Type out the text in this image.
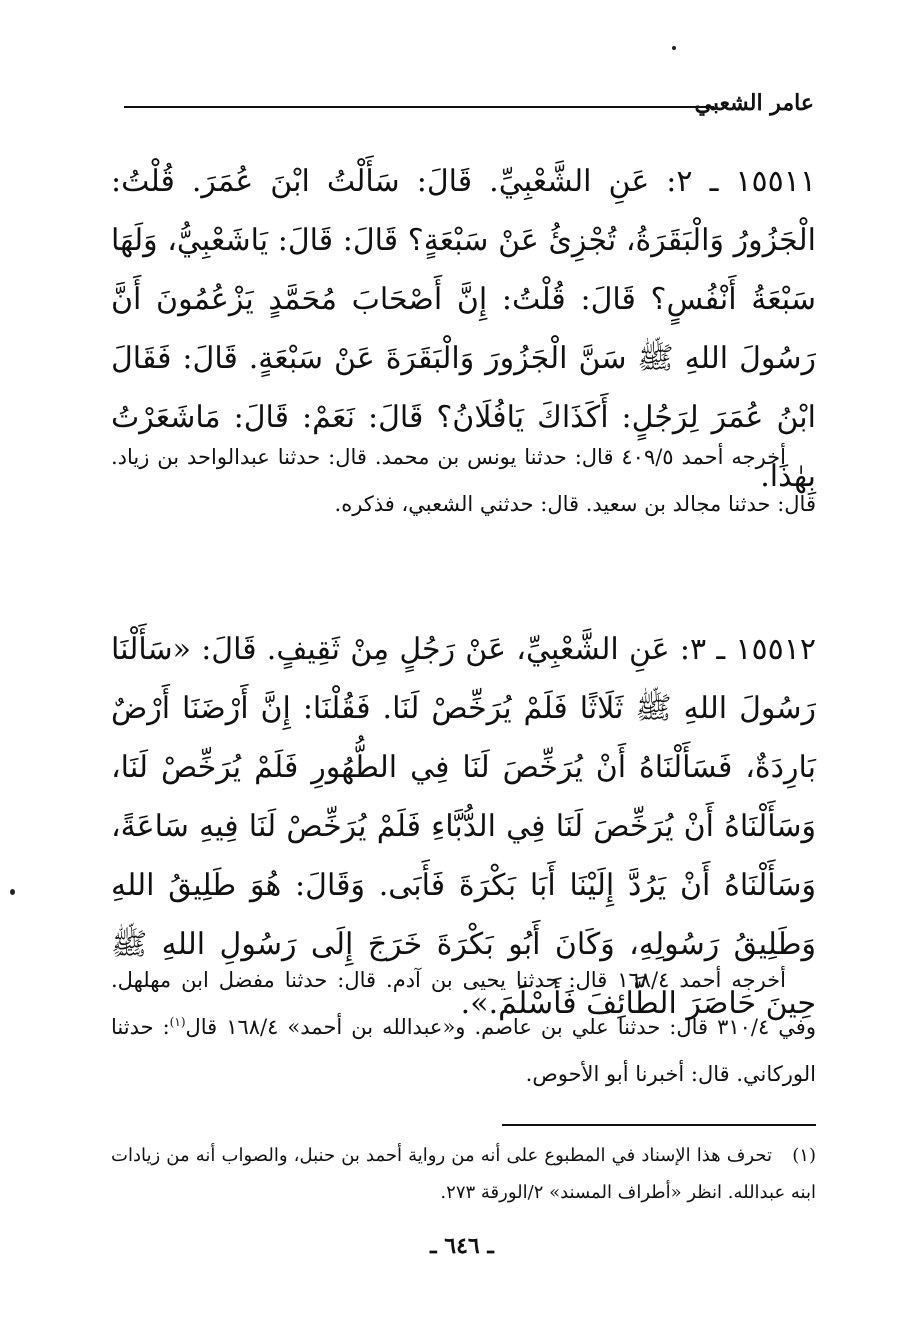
عامر الشعبي

١٥٥١١ ـ ٢: عَنِ الشَّعْبِيِّ. قَالَ: سَأَلْتُ ابْنَ عُمَرَ. قُلْتُ: الْجَزُورُ وَالْبَقَرَةُ، تُجْزِئُ عَنْ سَبْعَةٍ؟ قَالَ: قَالَ: يَاشَعْبِيُّ، وَلَهَا سَبْعَةُ أَنْفُسٍ؟ قَالَ: قُلْتُ: إِنَّ أَصْحَابَ مُحَمَّدٍ يَزْعُمُونَ أَنَّ رَسُولَ اللهِ ﷺ سَنَّ الْجَزُورَ وَالْبَقَرَةَ عَنْ سَبْعَةٍ. قَالَ: فَقَالَ ابْنُ عُمَرَ لِرَجُلٍ: أَكَذَاكَ يَافُلَانُ؟ قَالَ: نَعَمْ: قَالَ: مَاشَعَرْتُ بِهٰذَا.

أخرجه أحمد ٤٠٩/٥ قال: حدثنا يونس بن محمد. قال: حدثنا عبدالواحد بن زياد. قال: حدثنا مجالد بن سعيد. قال: حدثني الشعبي، فذكره.

١٥٥١٢ ـ ٣: عَنِ الشَّعْبِيِّ، عَنْ رَجُلٍ مِنْ ثَقِيفٍ. قَالَ: «سَأَلْنَا رَسُولَ اللهِ ﷺ ثَلَاثًا فَلَمْ يُرَخِّصْ لَنَا. فَقُلْنَا: إِنَّ أَرْضَنَا أَرْضٌ بَارِدَةٌ، فَسَأَلْنَاهُ أَنْ يُرَخِّصَ لَنَا فِي الطُّهُورِ فَلَمْ يُرَخِّصْ لَنَا، وَسَأَلْنَاهُ أَنْ يُرَخِّصَ لَنَا فِي الدُّبَّاءِ فَلَمْ يُرَخِّصْ لَنَا فِيهِ سَاعَةً، وَسَأَلْنَاهُ أَنْ يَرُدَّ إِلَيْنَا أَبَا بَكْرَةَ فَأَبَى. وَقَالَ: هُوَ طَلِيقُ اللهِ وَطَلِيقُ رَسُولِهِ، وَكَانَ أَبُو بَكْرَةَ خَرَجَ إِلَى رَسُولِ اللهِ ﷺ حِينَ حَاصَرَ الطَّائِفَ فَأَسْلَمَ.».

أخرجه أحمد ١٦٨/٤ قال: حدثنا يحيى بن آدم. قال: حدثنا مفضل ابن مهلهل. وفي ٣١٠/٤ قال: حدثنا علي بن عاصم. و«عبدالله بن أحمد» ١٦٨/٤ قال$^{(١)}$: حدثنا الوركاني. قال: أخبرنا أبو الأحوص.

(١)تحرف هذا الإسناد في المطبوع على أنه من رواية أحمد بن حنبل، والصواب أنه من زيادات ابنه عبدالله. انظر «أطراف المسند» ٢/الورقة ٢٧٣.

ـ ٦٤٦ ـ
